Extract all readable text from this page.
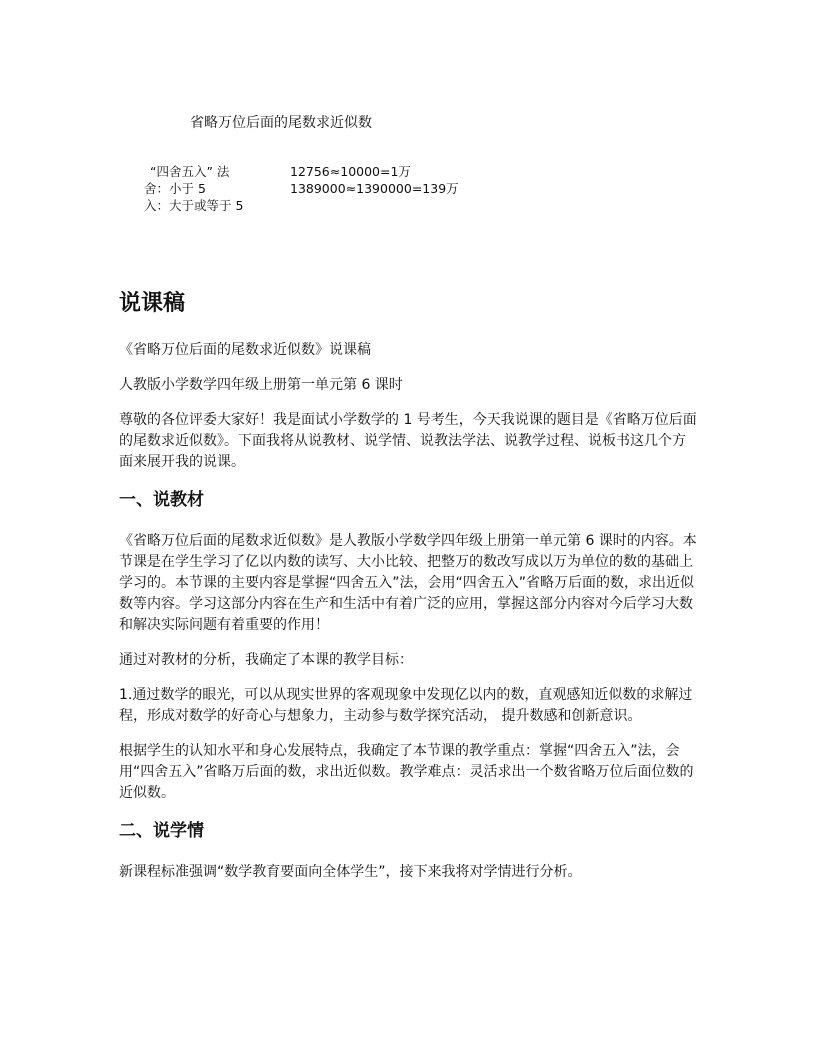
省略万位后面的尾数求近似数
“四舍五入” 法	12756≈10000=1万
舍：小于 5	1389000≈1390000=139万
入：大于或等于 5
说课稿

《省略万位后面的尾数求近似数》说课稿

人教版小学数学四年级上册第一单元第 6 课时

尊敬的各位评委大家好！我是面试小学数学的 1 号考生，今天我说课的题目是《省略万位后面的尾数求近似数》。下面我将从说教材、说学情、说教法学法、说教学过程、说板书这几个方面来展开我的说课。

一、说教材

《省略万位后面的尾数求近似数》是人教版小学数学四年级上册第一单元第 6 课时的内容。本节课是在学生学习了亿以内数的读写、大小比较、把整万的数改写成以万为单位的数的基础上学习的。本节课的主要内容是掌握“四舍五入”法，会用“四舍五入”省略万后面的数，求出近似数等内容。学习这部分内容在生产和生活中有着广泛的应用，掌握这部分内容对今后学习大数和解决实际问题有着重要的作用！

通过对教材的分析，我确定了本课的教学目标：

1.通过数学的眼光，可以从现实世界的客观现象中发现亿以内的数，直观感知近似数的求解过程，形成对数学的好奇心与想象力，主动参与数学探究活动， 提升数感和创新意识。

根据学生的认知水平和身心发展特点，我确定了本节课的教学重点：掌握“四舍五入”法，会用“四舍五入”省略万后面的数，求出近似数。教学难点：灵活求出一个数省略万位后面位数的近似数。

二、说学情

新课程标准强调“数学教育要面向全体学生”，接下来我将对学情进行分析。
